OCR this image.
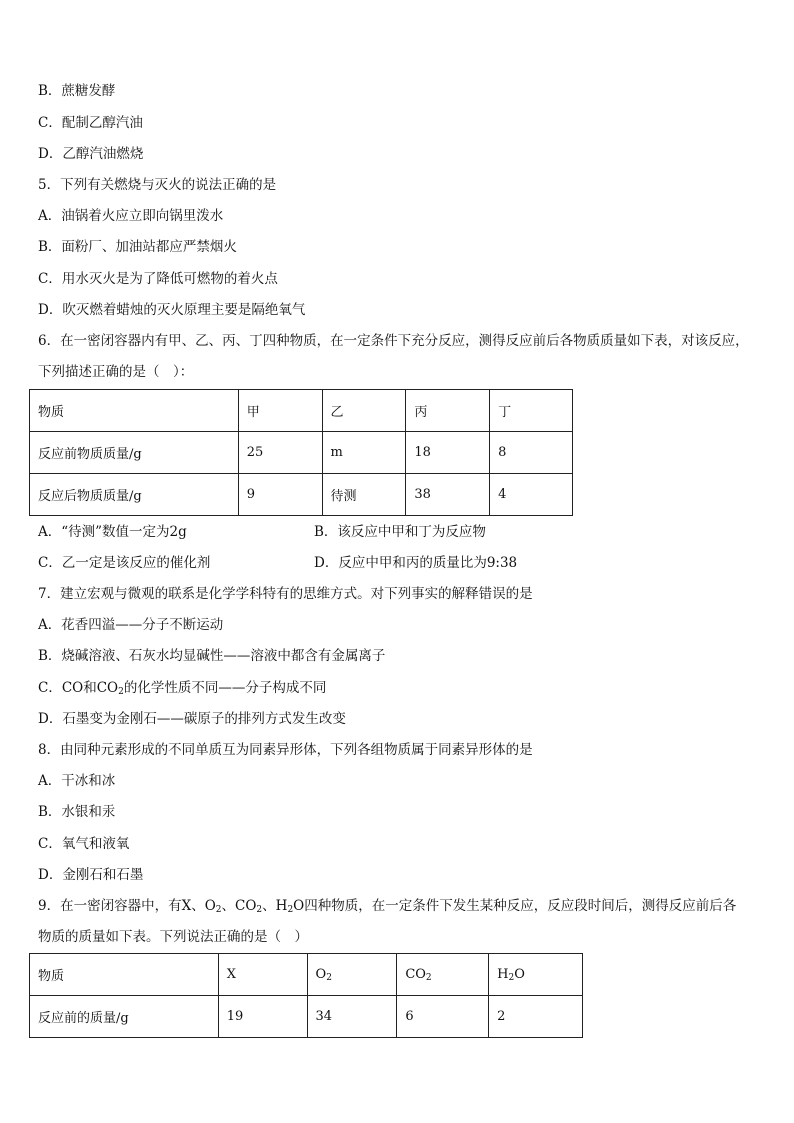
B．蔗糖发酵
C．配制乙醇汽油
D．乙醇汽油燃烧
5．下列有关燃烧与灭火的说法正确的是
A．油锅着火应立即向锅里泼水
B．面粉厂、加油站都应严禁烟火
C．用水灭火是为了降低可燃物的着火点
D．吹灭燃着蜡烛的灭火原理主要是隔绝氧气
6．在一密闭容器内有甲、乙、丙、丁四种物质，在一定条件下充分反应，测得反应前后各物质质量如下表，对该反应，
下列描述正确的是（　）：
物质	甲	乙	丙	丁
反应前物质质量/g	25	m	18	8
反应后物质质量/g	9	待测	38	4
A．“待测”数值一定为2g	B．该反应中甲和丁为反应物
C．乙一定是该反应的催化剂	D．反应中甲和丙的质量比为9:38
7．建立宏观与微观的联系是化学学科特有的思维方式。对下列事实的解释错误的是
A．花香四溢——分子不断运动
B．烧碱溶液、石灰水均显碱性——溶液中都含有金属离子
C．CO和$CO_2$的化学性质不同——分子构成不同
D．石墨变为金刚石——碳原子的排列方式发生改变
8．由同种元素形成的不同单质互为同素异形体，下列各组物质属于同素异形体的是
A．干冰和冰
B．水银和汞
C．氧气和液氧
D．金刚石和石墨
9．在一密闭容器中，有X、$O_2$、$CO_2$、$H_2O$四种物质，在一定条件下发生某种反应，反应段时间后，测得反应前后各
物质的质量如下表。下列说法正确的是（　）
物质	X	$O_2$	$CO_2$	$H_2O$
反应前的质量/g	19	34	6	2
